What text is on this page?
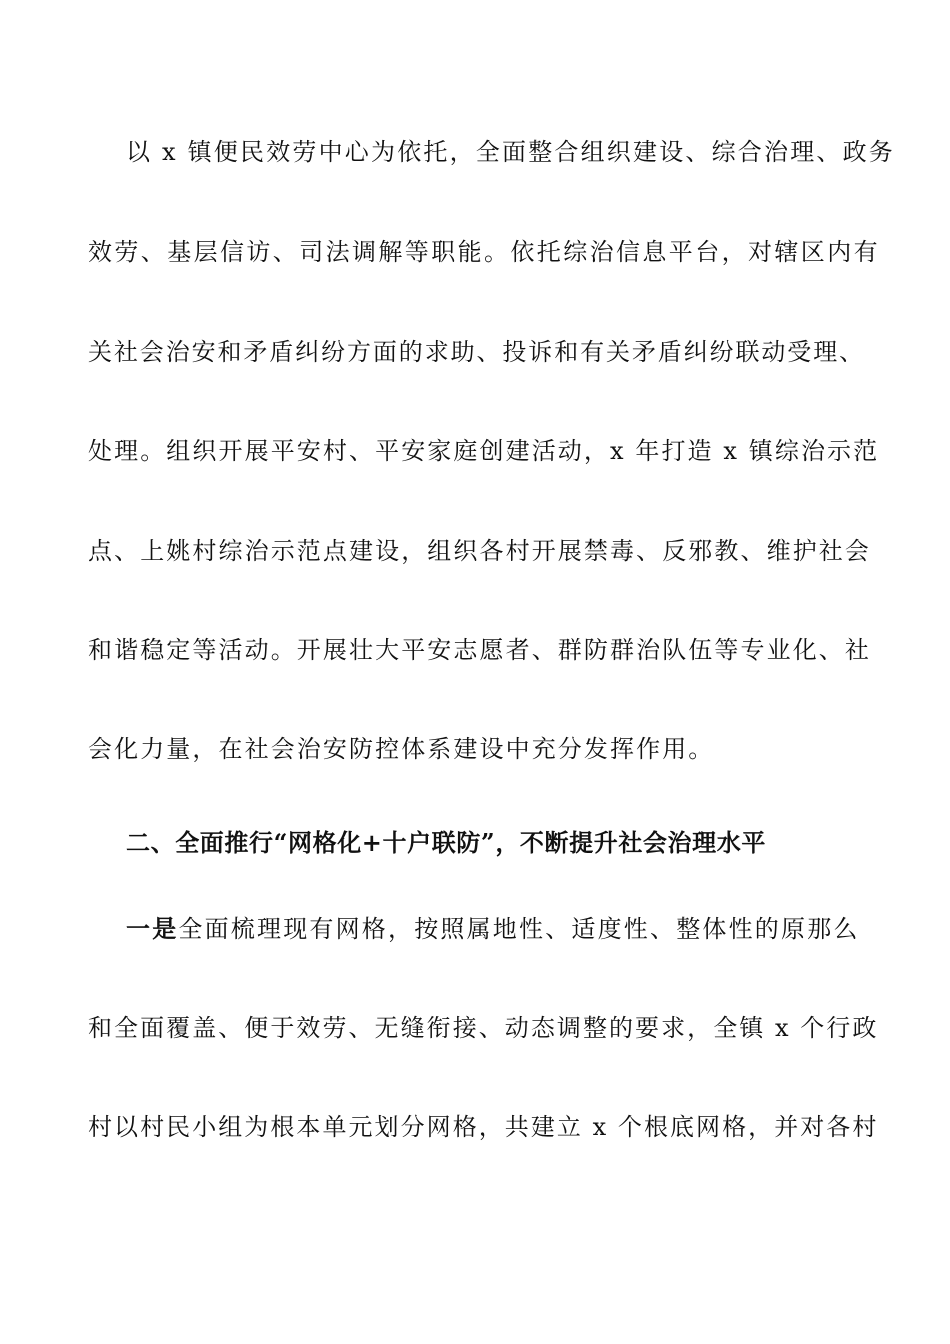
以 x 镇便民效劳中心为依托，全面整合组织建设、综合治理、政务
效劳、基层信访、司法调解等职能。依托综治信息平台，对辖区内有
关社会治安和矛盾纠纷方面的求助、投诉和有关矛盾纠纷联动受理、
处理。组织开展平安村、平安家庭创建活动，x 年打造 x 镇综治示范
点、上姚村综治示范点建设，组织各村开展禁毒、反邪教、维护社会
和谐稳定等活动。开展壮大平安志愿者、群防群治队伍等专业化、社
会化力量，在社会治安防控体系建设中充分发挥作用。
二、全面推行“网格化+十户联防”，不断提升社会治理水平
一是全面梳理现有网格，按照属地性、适度性、整体性的原那么
和全面覆盖、便于效劳、无缝衔接、动态调整的要求，全镇 x 个行政
村以村民小组为根本单元划分网格，共建立 x 个根底网格，并对各村
